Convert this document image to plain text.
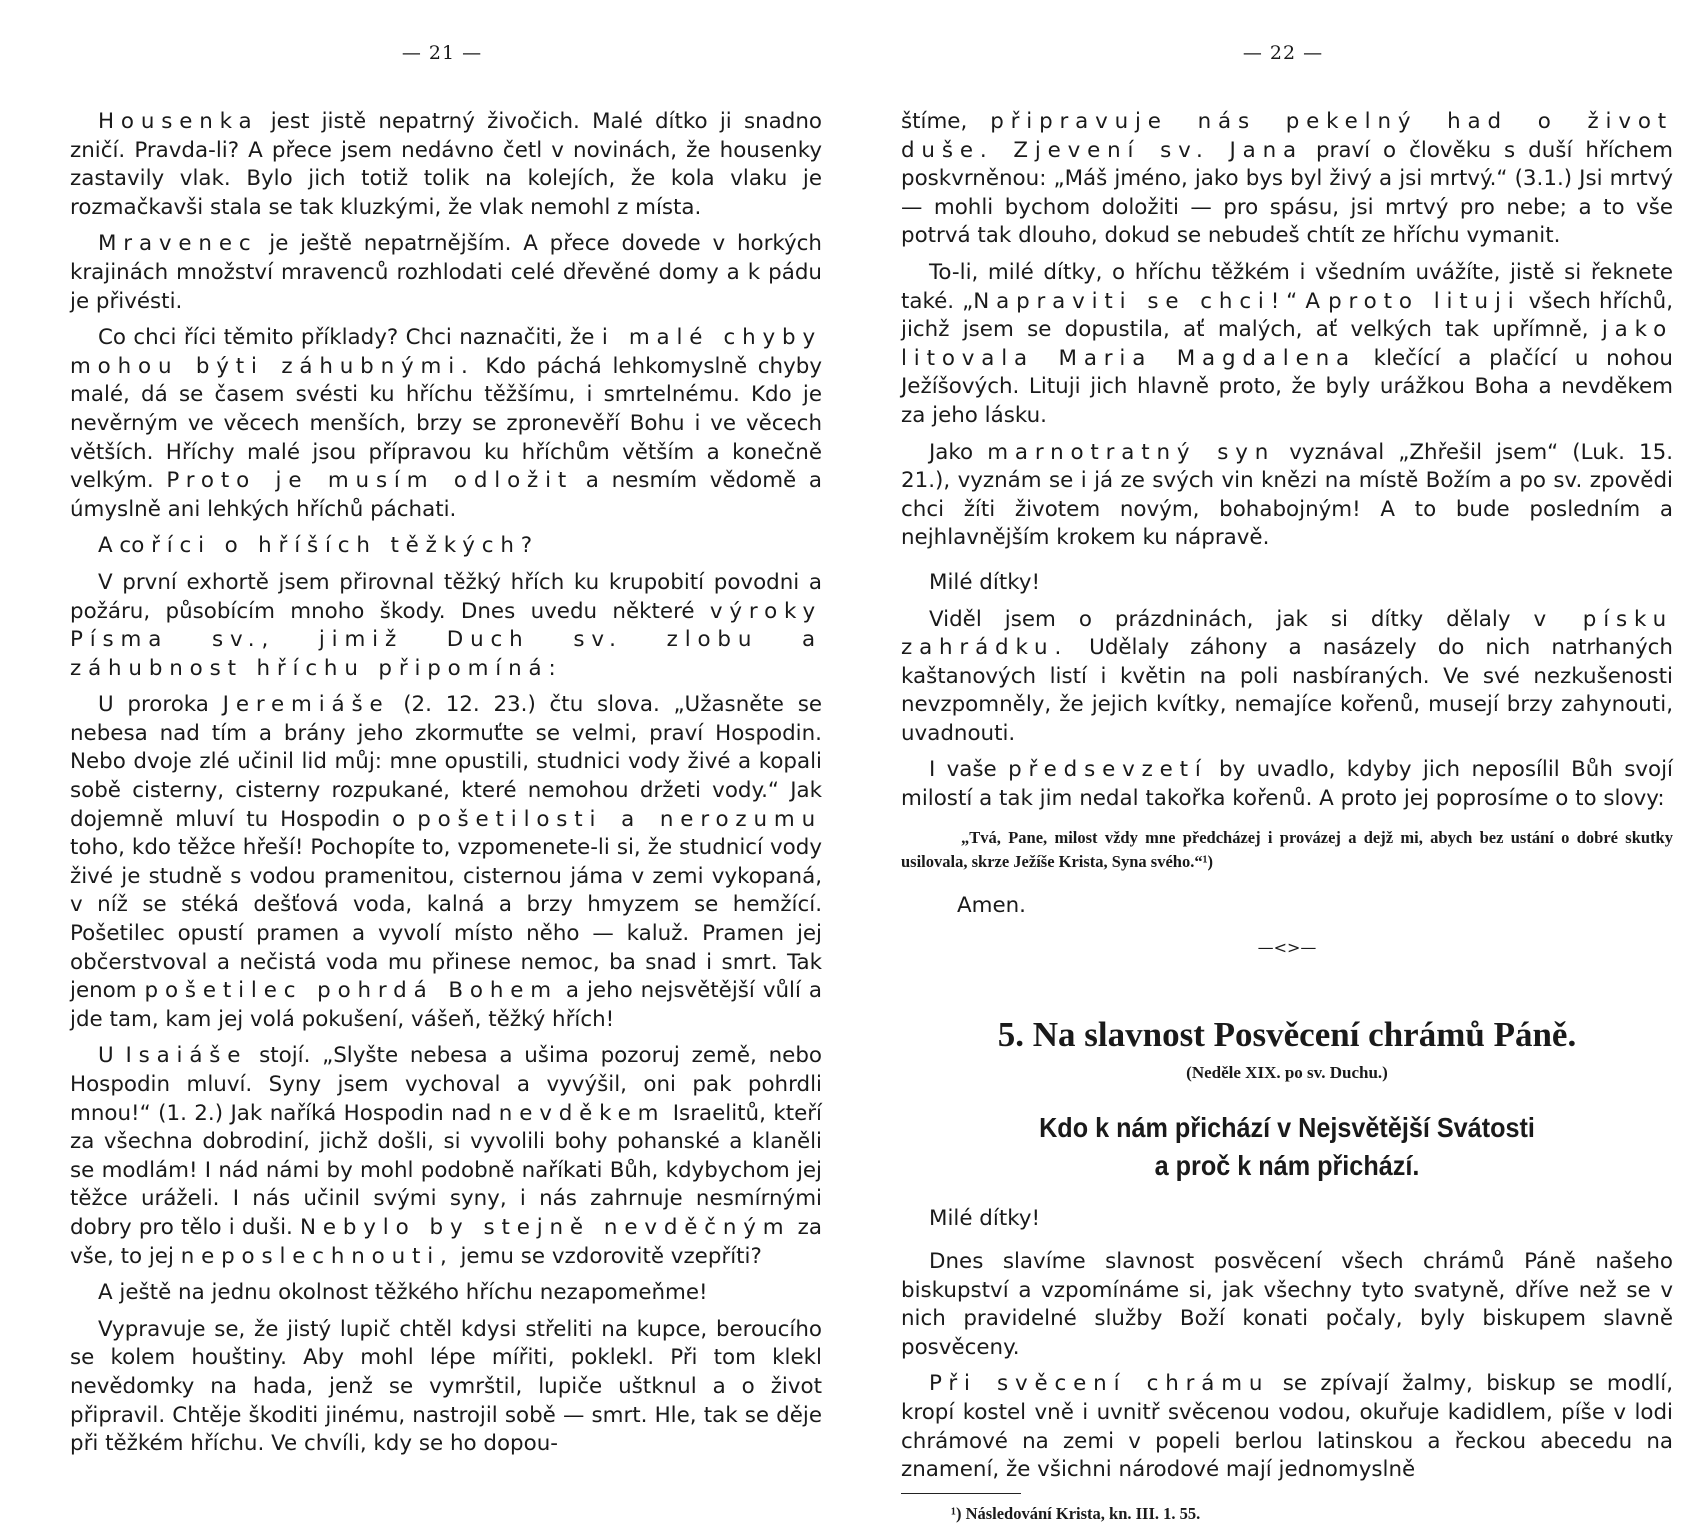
— 21 —

Housenka jest jistě nepatrný živočich. Malé dítko ji snadno zničí. Pravda-li? A přece jsem nedávno četl v novinách, že housenky zastavily vlak. Bylo jich totiž tolik na kolejích, že kola vlaku je rozmačkavši stala se tak kluzkými, že vlak nemohl z místa.

Mravenec je ještě nepatrnějším. A přece dovede v horkých krajinách množství mravenců rozhlodati celé dřevěné domy a k pádu je přivésti.

Co chci říci těmito příklady? Chci naznačiti, že i malé chyby mohou býti záhubnými. Kdo páchá lehkomyslně chyby malé, dá se časem svésti ku hříchu těžšímu, i smrtelnému. Kdo je nevěrným ve věcech menších, brzy se zpronevěří Bohu i ve věcech větších. Hříchy malé jsou přípravou ku hříchům větším a konečně velkým. Proto je musím odložit a nesmím vědomě a úmyslně ani lehkých hříchů páchati.

A co říci o hříších těžkých?

V první exhortě jsem přirovnal těžký hřích ku krupobití povodni a požáru, působícím mnoho škody. Dnes uvedu některé výroky Písma sv., jimiž Duch sv. zlobu a záhubnost hříchu připomíná:

U proroka Jeremiáše (2. 12. 23.) čtu slova. „Užasněte se nebesa nad tím a brány jeho zkormuťte se velmi, praví Hospodin. Nebo dvoje zlé učinil lid můj: mne opustili, studnici vody živé a kopali sobě cisterny, cisterny rozpukané, které nemohou držeti vody.“ Jak dojemně mluví tu Hospodin o pošetilosti a nerozumu toho, kdo těžce hřeší! Pochopíte to, vzpomenete-li si, že studnicí vody živé je studně s vodou pramenitou, cisternou jáma v zemi vykopaná, v níž se stéká dešťová voda, kalná a brzy hmyzem se hemžící. Pošetilec opustí pramen a vyvolí místo něho — kaluž. Pramen jej občerstvoval a nečistá voda mu přinese nemoc, ba snad i smrt. Tak jenom pošetilec pohrdá Bohem a jeho nejsvětější vůlí a jde tam, kam jej volá pokušení, vášeň, těžký hřích!

U Isaiáše stojí. „Slyšte nebesa a ušima pozoruj země, nebo Hospodin mluví. Syny jsem vychoval a vyvýšil, oni pak pohrdli mnou!“ (1. 2.) Jak naříká Hospodin nad nevděkem Israelitů, kteří za všechna dobrodiní, jichž došli, si vyvolili bohy pohanské a klaněli se modlám! I nád námi by mohl podobně naříkati Bůh, kdybychom jej těžce uráželi. I nás učinil svými syny, i nás zahrnuje nesmírnými dobry pro tělo i duši. Nebylo by stejně nevděčným za vše, to jej neposlechnouti, jemu se vzdorovitě vzepříti?

A ještě na jednu okolnost těžkého hříchu nezapomeňme!

Vypravuje se, že jistý lupič chtěl kdysi střeliti na kupce, beroucího se kolem houštiny. Aby mohl lépe mířiti, poklekl. Při tom klekl nevědomky na hada, jenž se vymrštil, lupiče uštknul a o život připravil. Chtěje škoditi jinému, nastrojil sobě — smrt. Hle, tak se děje při těžkém hříchu. Ve chvíli, kdy se ho dopou-

— 22 —

štíme, připravuje nás pekelný had o život duše. Zjevení sv. Jana praví o člověku s duší hříchem poskvrněnou: „Máš jméno, jako bys byl živý a jsi mrtvý.“ (3.1.) Jsi mrtvý — mohli bychom doložiti — pro spásu, jsi mrtvý pro nebe; a to vše potrvá tak dlouho, dokud se nebudeš chtít ze hříchu vymanit.

To-li, milé dítky, o hříchu těžkém i všedním uvážíte, jistě si řeknete také. „Napraviti se chci!“ A proto lituji všech hříchů, jichž jsem se dopustila, ať malých, ať velkých tak upřímně, jako litovala Maria Magdalena klečící a plačící u nohou Ježíšových. Lituji jich hlavně proto, že byly urážkou Boha a nevděkem za jeho lásku.

Jako marnotratný syn vyznával „Zhřešil jsem“ (Luk. 15. 21.), vyznám se i já ze svých vin knězi na místě Božím a po sv. zpovědi chci žíti životem novým, bohabojným! A to bude posledním a nejhlavnějším krokem ku nápravě.

Milé dítky!

Viděl jsem o prázdninách, jak si dítky dělaly v písku zahrádku. Udělaly záhony a nasázely do nich natrhaných kaštanových listí i květin na poli nasbíraných. Ve své nezkušenosti nevzpomněly, že jejich kvítky, nemajíce kořenů, musejí brzy zahynouti, uvadnouti.

I vaše předsevzetí by uvadlo, kdyby jich neposílil Bůh svojí milostí a tak jim nedal takořka kořenů. A proto jej poprosíme o to slovy:

„Tvá, Pane, milost vždy mne předcházej i provázej a dejž mi, abych bez ustání o dobré skutky usilovala, skrze Ježíše Krista, Syna svého.“¹)
Amen.
—<>—
5. Na slavnost Posvěcení chrámů Páně.
(Neděle XIX. po sv. Duchu.)
Kdo k nám přichází v Nejsvětější Svátosti
a proč k nám přichází.

Milé dítky!

Dnes slavíme slavnost posvěcení všech chrámů Páně našeho biskupství a vzpomínáme si, jak všechny tyto svatyně, dříve než se v nich pravidelné služby Boží konati počaly, byly biskupem slavně posvěceny.

Při svěcení chrámu se zpívají žalmy, biskup se modlí, kropí kostel vně i uvnitř svěcenou vodou, okuřuje kadidlem, píše v lodi chrámové na zemi v popeli berlou latinskou a řeckou abecedu na znamení, že všichni národové mají jednomyslně

¹) Následování Krista, kn. III. 1. 55.
